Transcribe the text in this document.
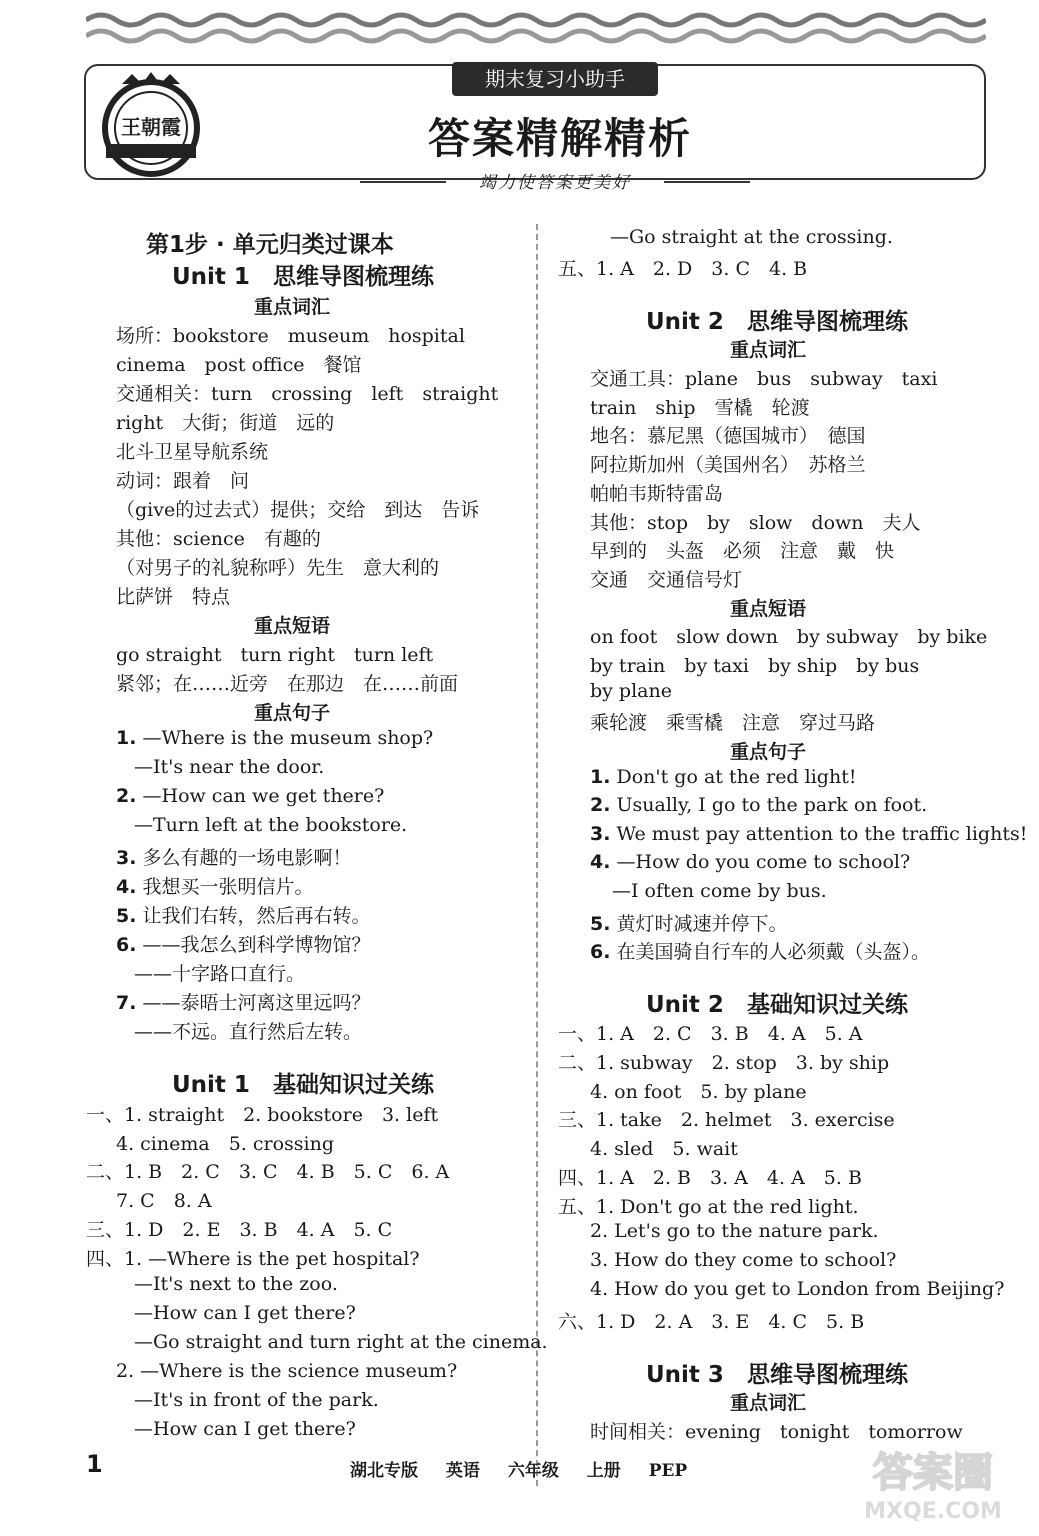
王朝霞
期末复习小助手
答案精解精析
竭力使答案更美好
第1步 · 单元归类过课本
Unit 1　思维导图梳理练
重点词汇
场所：bookstore　museum　hospital
cinema　post office　餐馆
交通相关：turn　crossing　left　straight
right　大街；街道　远的
北斗卫星导航系统
动词：跟着　问
（give的过去式）提供；交给　到达　告诉
其他：science　有趣的
（对男子的礼貌称呼）先生　意大利的
比萨饼　特点
重点短语
go straight　turn right　turn left
紧邻；在……近旁　在那边　在……前面
重点句子
1. —Where is the museum shop?
—It's near the door.
2. —How can we get there?
—Turn left at the bookstore.
3. 多么有趣的一场电影啊！
4. 我想买一张明信片。
5. 让我们右转，然后再右转。
6. ——我怎么到科学博物馆？
——十字路口直行。
7. ——泰晤士河离这里远吗？
——不远。直行然后左转。
Unit 1　基础知识过关练
一、1. straight　2. bookstore　3. left
4. cinema　5. crossing
二、1. B　2. C　3. C　4. B　5. C　6. A
7. C　8. A
三、1. D　2. E　3. B　4. A　5. C
四、1. —Where is the pet hospital?
—It's next to the zoo.
—How can I get there?
—Go straight and turn right at the cinema.
2. —Where is the science museum?
—It's in front of the park.
—How can I get there?
—Go straight at the crossing.
五、1. A　2. D　3. C　4. B
Unit 2　思维导图梳理练
重点词汇
交通工具：plane　bus　subway　taxi
train　ship　雪橇　轮渡
地名：慕尼黑（德国城市）　德国
阿拉斯加州（美国州名）　苏格兰
帕帕韦斯特雷岛
其他：stop　by　slow　down　夫人
早到的　头盔　必须　注意　戴　快
交通　交通信号灯
重点短语
on foot　slow down　by subway　by bike
by train　by taxi　by ship　by bus
by plane
乘轮渡　乘雪橇　注意　穿过马路
重点句子
1. Don't go at the red light!
2. Usually, I go to the park on foot.
3. We must pay attention to the traffic lights!
4. —How do you come to school?
—I often come by bus.
5. 黄灯时减速并停下。
6. 在美国骑自行车的人必须戴（头盔）。
Unit 2　基础知识过关练
一、1. A　2. C　3. B　4. A　5. A
二、1. subway　2. stop　3. by ship
4. on foot　5. by plane
三、1. take　2. helmet　3. exercise
4. sled　5. wait
四、1. A　2. B　3. A　4. A　5. B
五、1. Don't go at the red light.
2. Let's go to the nature park.
3. How do they come to school?
4. How do you get to London from Beijing?
六、1. D　2. A　3. E　4. C　5. B
Unit 3　思维导图梳理练
重点词汇
时间相关：evening　tonight　tomorrow
1	湖北专版 英语 六年级 上册 PEP	答案圈
MXQE.COM
